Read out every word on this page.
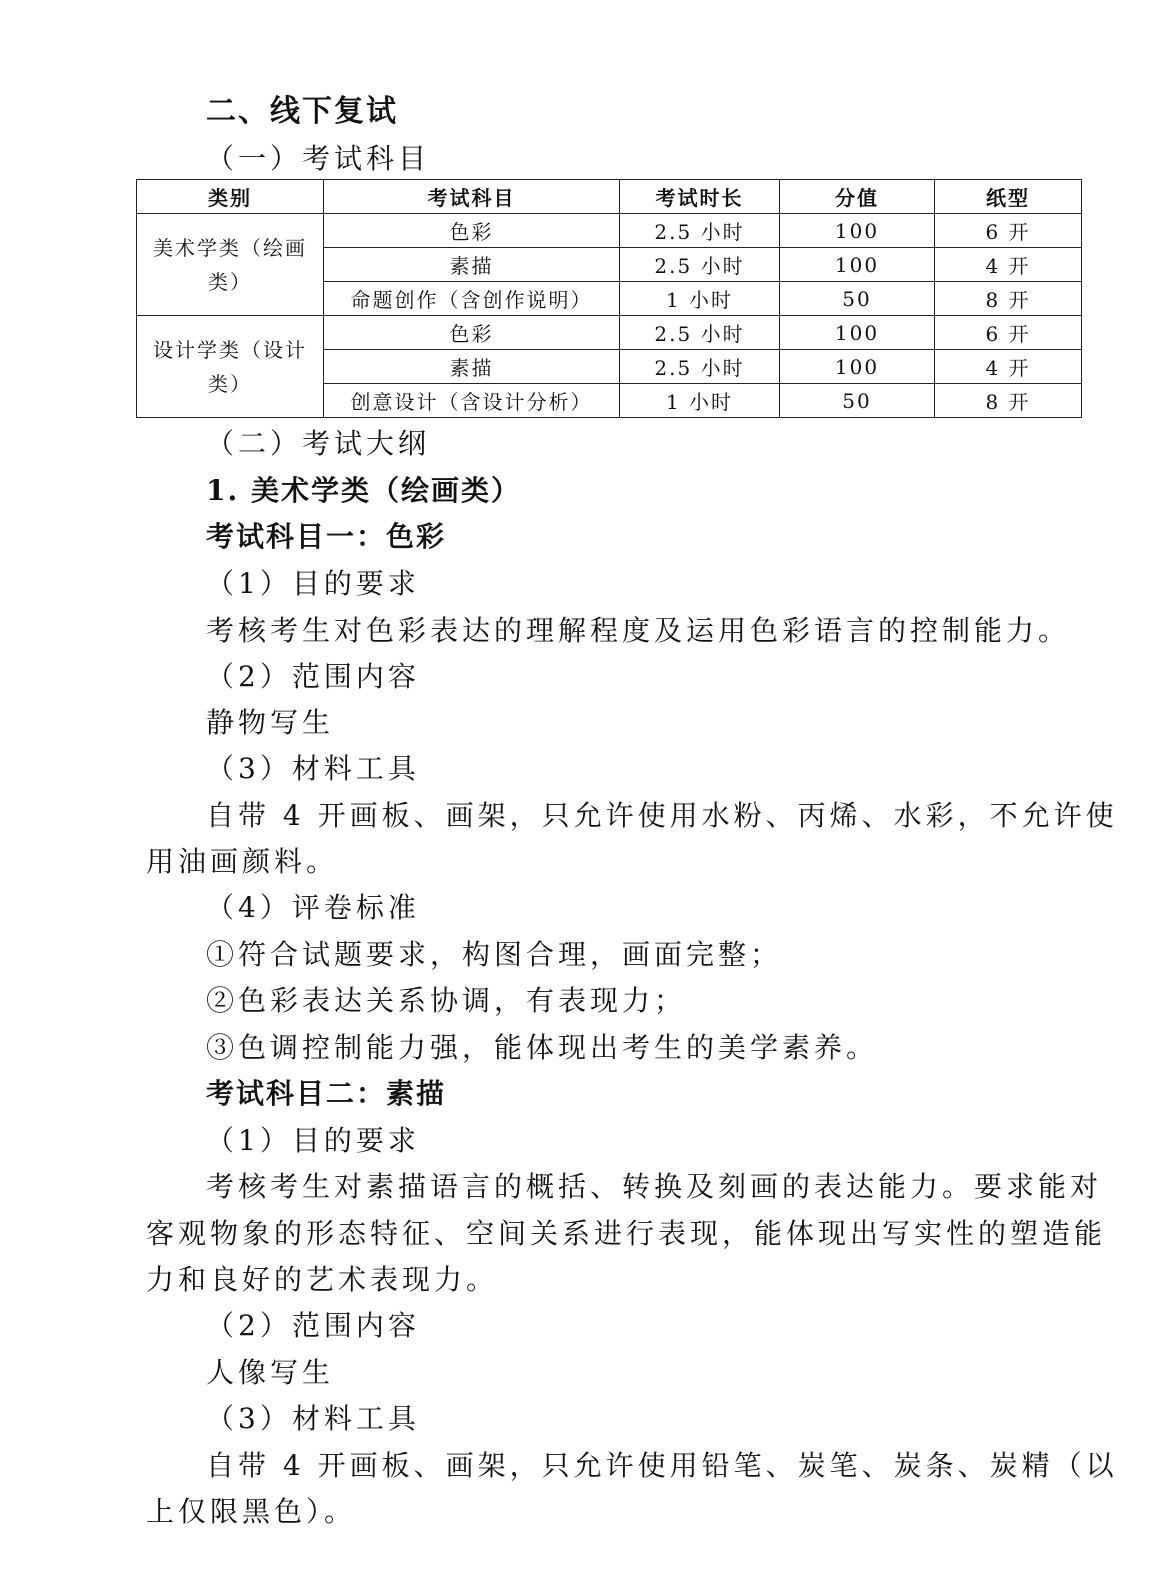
二、线下复试
（一）考试科目
类别	考试科目	考试时长	分值	纸型
美术学类（绘画类）	色彩	2.5 小时	100	6 开
	素描	2.5 小时	100	4 开
	命题创作（含创作说明）	1 小时	50	8 开
设计学类（设计类）	色彩	2.5 小时	100	6 开
	素描	2.5 小时	100	4 开
	创意设计（含设计分析）	1 小时	50	8 开
（二）考试大纲
1. 美术学类（绘画类）
考试科目一：色彩
（1）目的要求
考核考生对色彩表达的理解程度及运用色彩语言的控制能力。
（2）范围内容
静物写生
（3）材料工具
自带 4 开画板、画架，只允许使用水粉、丙烯、水彩，不允许使
用油画颜料。
（4）评卷标准
①符合试题要求，构图合理，画面完整；
②色彩表达关系协调，有表现力；
③色调控制能力强，能体现出考生的美学素养。
考试科目二：素描
（1）目的要求
考核考生对素描语言的概括、转换及刻画的表达能力。要求能对
客观物象的形态特征、空间关系进行表现，能体现出写实性的塑造能
力和良好的艺术表现力。
（2）范围内容
人像写生
（3）材料工具
自带 4 开画板、画架，只允许使用铅笔、炭笔、炭条、炭精（以
上仅限黑色）。
